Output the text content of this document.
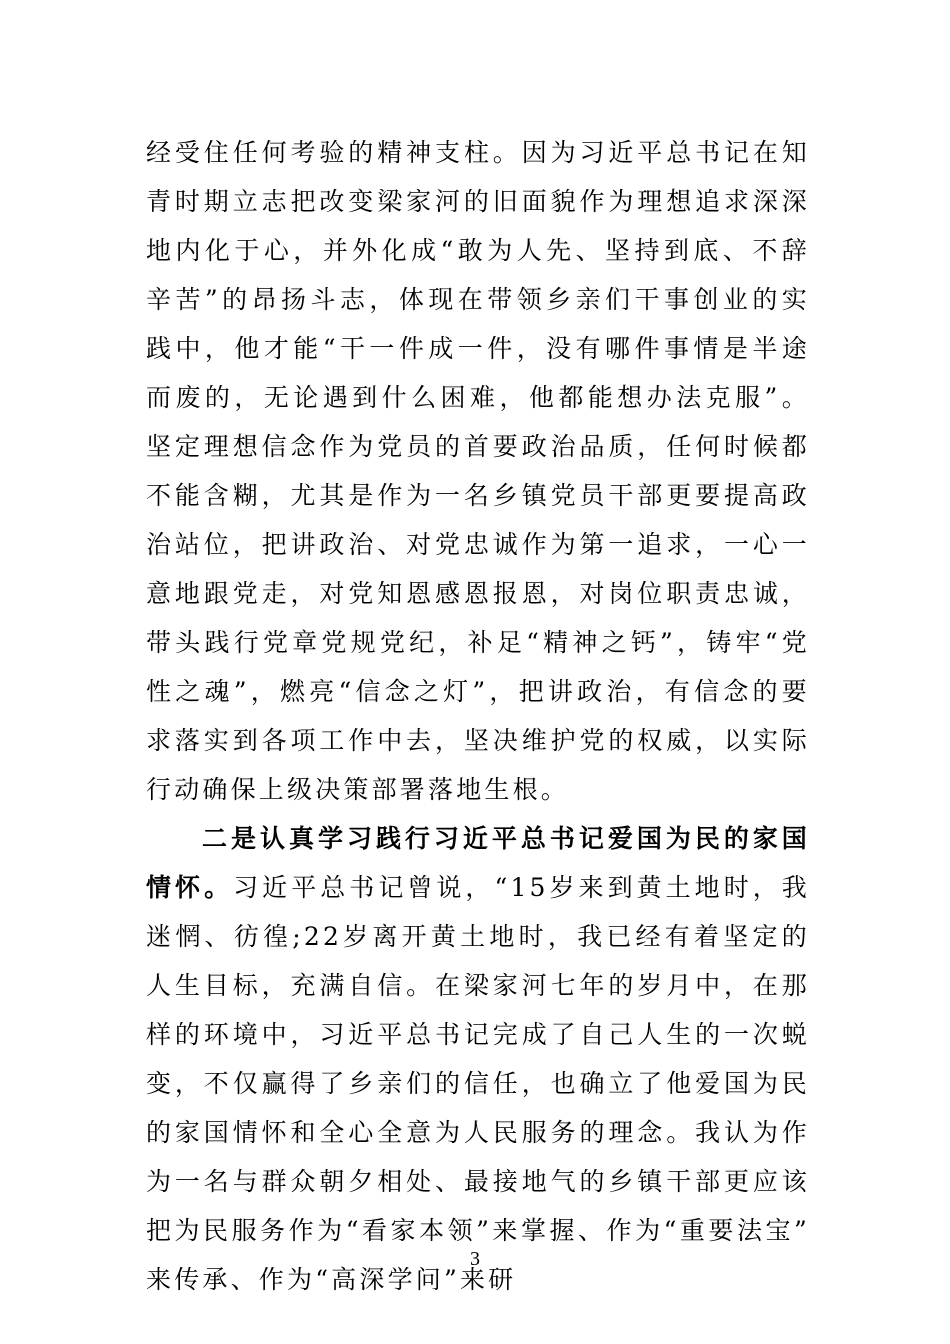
经受住任何考验的精神支柱。因为习近平总书记在知青时期立志把改变梁家河的旧面貌作为理想追求深深地内化于心，并外化成“敢为人先、坚持到底、不辞辛苦”的昂扬斗志，体现在带领乡亲们干事创业的实践中，他才能“干一件成一件，没有哪件事情是半途而废的，无论遇到什么困难，他都能想办法克服”。坚定理想信念作为党员的首要政治品质，任何时候都不能含糊，尤其是作为一名乡镇党员干部更要提高政治站位，把讲政治、对党忠诚作为第一追求，一心一意地跟党走，对党知恩感恩报恩，对岗位职责忠诚，带头践行党章党规党纪，补足“精神之钙”，铸牢“党性之魂”，燃亮“信念之灯”，把讲政治，有信念的要求落实到各项工作中去，坚决维护党的权威，以实际行动确保上级决策部署落地生根。

二是认真学习践行习近平总书记爱国为民的家国情怀。习近平总书记曾说，“15岁来到黄土地时，我迷惘、彷徨;22岁离开黄土地时，我已经有着坚定的人生目标，充满自信。在梁家河七年的岁月中，在那样的环境中，习近平总书记完成了自己人生的一次蜕变，不仅赢得了乡亲们的信任，也确立了他爱国为民的家国情怀和全心全意为人民服务的理念。我认为作为一名与群众朝夕相处、最接地气的乡镇干部更应该把为民服务作为“看家本领”来掌握、作为“重要法宝”来传承、作为“高深学问”来研

3
